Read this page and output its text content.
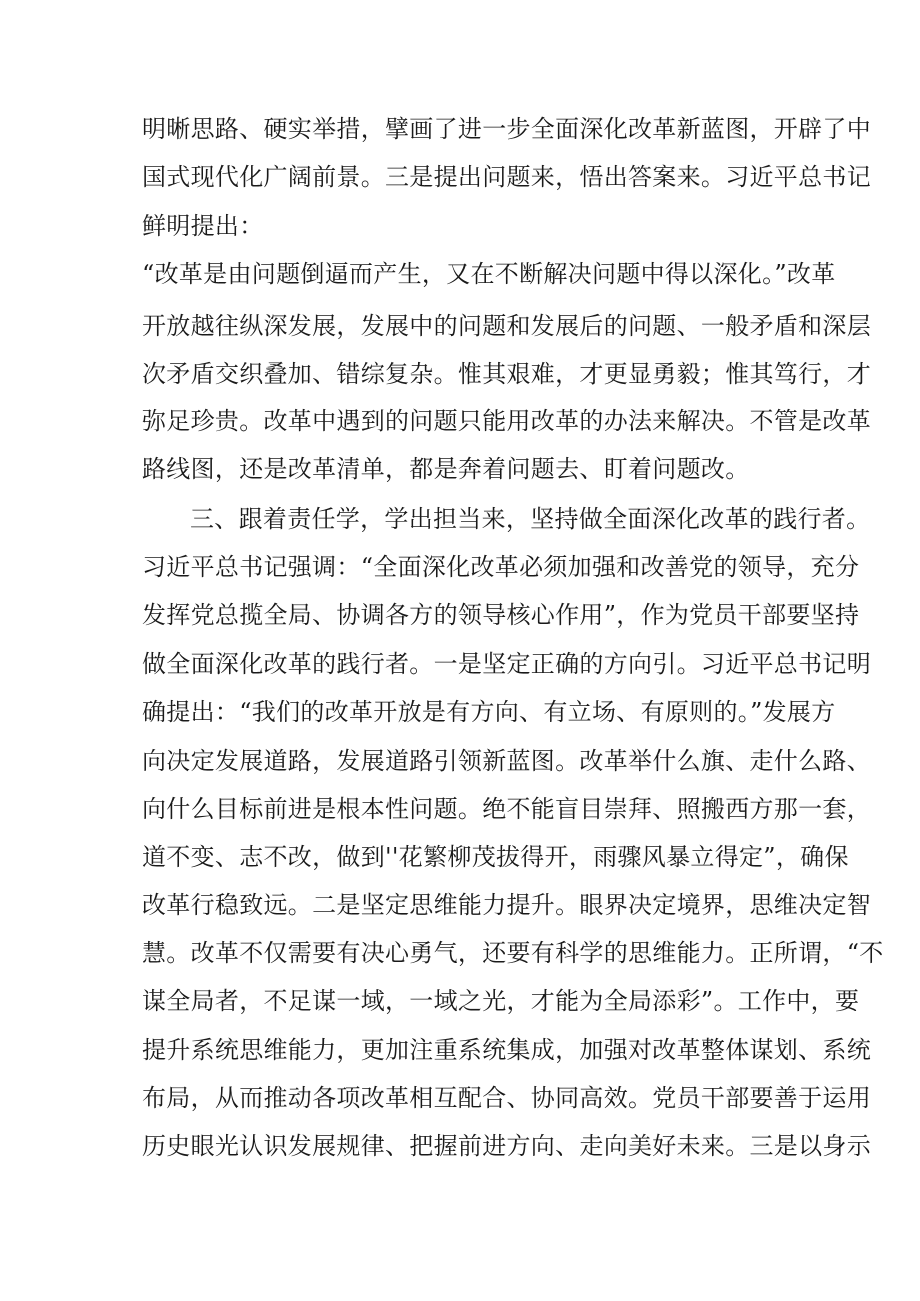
明晰思路、硬实举措，擘画了进一步全面深化改革新蓝图，开辟了中
国式现代化广阔前景。三是提出问题来，悟出答案来。习近平总书记
鲜明提出：
“改革是由问题倒逼而产生，又在不断解决问题中得以深化。”改革
开放越往纵深发展，发展中的问题和发展后的问题、一般矛盾和深层
次矛盾交织叠加、错综复杂。惟其艰难，才更显勇毅；惟其笃行，才
弥足珍贵。改革中遇到的问题只能用改革的办法来解决。不管是改革
路线图，还是改革清单，都是奔着问题去、盯着问题改。
三、跟着责任学，学出担当来，坚持做全面深化改革的践行者。
习近平总书记强调：“全面深化改革必须加强和改善党的领导，充分
发挥党总揽全局、协调各方的领导核心作用”，作为党员干部要坚持
做全面深化改革的践行者。一是坚定正确的方向引。习近平总书记明
确提出：“我们的改革开放是有方向、有立场、有原则的。”发展方
向决定发展道路，发展道路引领新蓝图。改革举什么旗、走什么路、
向什么目标前进是根本性问题。绝不能盲目崇拜、照搬西方那一套，
道不变、志不改，做到''花繁柳茂拔得开，雨骤风暴立得定”，确保
改革行稳致远。二是坚定思维能力提升。眼界决定境界，思维决定智
慧。改革不仅需要有决心勇气，还要有科学的思维能力。正所谓，“不
谋全局者，不足谋一域，一域之光，才能为全局添彩”。工作中，要
提升系统思维能力，更加注重系统集成，加强对改革整体谋划、系统
布局，从而推动各项改革相互配合、协同高效。党员干部要善于运用
历史眼光认识发展规律、把握前进方向、走向美好未来。三是以身示
